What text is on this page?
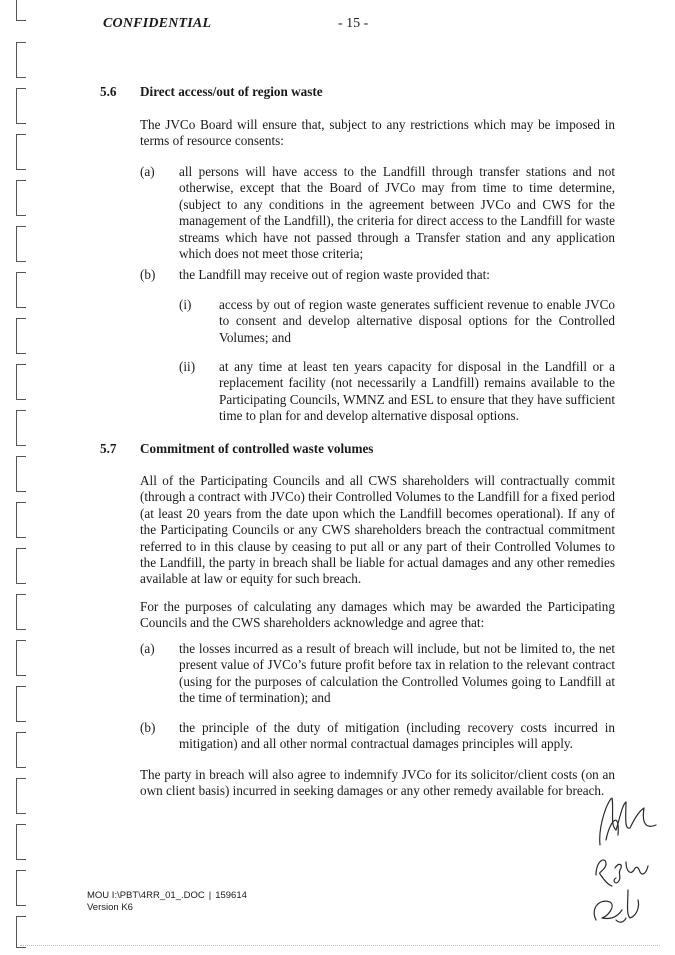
CONFIDENTIAL	- 15 -
5.6 Direct access/out of region waste

The JVCo Board will ensure that, subject to any restrictions which may be imposed in terms of resource consents:

(a) all persons will have access to the Landfill through transfer stations and not otherwise, except that the Board of JVCo may from time to time determine, (subject to any conditions in the agreement between JVCo and CWS for the management of the Landfill), the criteria for direct access to the Landfill for waste streams which have not passed through a Transfer station and any application which does not meet those criteria;

(b) the Landfill may receive out of region waste provided that:

(i) access by out of region waste generates sufficient revenue to enable JVCo to consent and develop alternative disposal options for the Controlled Volumes; and

(ii) at any time at least ten years capacity for disposal in the Landfill or a replacement facility (not necessarily a Landfill) remains available to the Participating Councils, WMNZ and ESL to ensure that they have sufficient time to plan for and develop alternative disposal options.

5.7 Commitment of controlled waste volumes

All of the Participating Councils and all CWS shareholders will contractually commit (through a contract with JVCo) their Controlled Volumes to the Landfill for a fixed period (at least 20 years from the date upon which the Landfill becomes operational). If any of the Participating Councils or any CWS shareholders breach the contractual commitment referred to in this clause by ceasing to put all or any part of their Controlled Volumes to the Landfill, the party in breach shall be liable for actual damages and any other remedies available at law or equity for such breach.

For the purposes of calculating any damages which may be awarded the Participating Councils and the CWS shareholders acknowledge and agree that:

(a) the losses incurred as a result of breach will include, but not be limited to, the net present value of JVCo’s future profit before tax in relation to the relevant contract (using for the purposes of calculation the Controlled Volumes going to Landfill at the time of termination); and

(b) the principle of the duty of mitigation (including recovery costs incurred in mitigation) and all other normal contractual damages principles will apply.

The party in breach will also agree to indemnify JVCo for its solicitor/client costs (on an own client basis) incurred in seeking damages or any other remedy available for breach.

MOU I:\PBT\4RR_01_.DOC | 159614
Version K6
